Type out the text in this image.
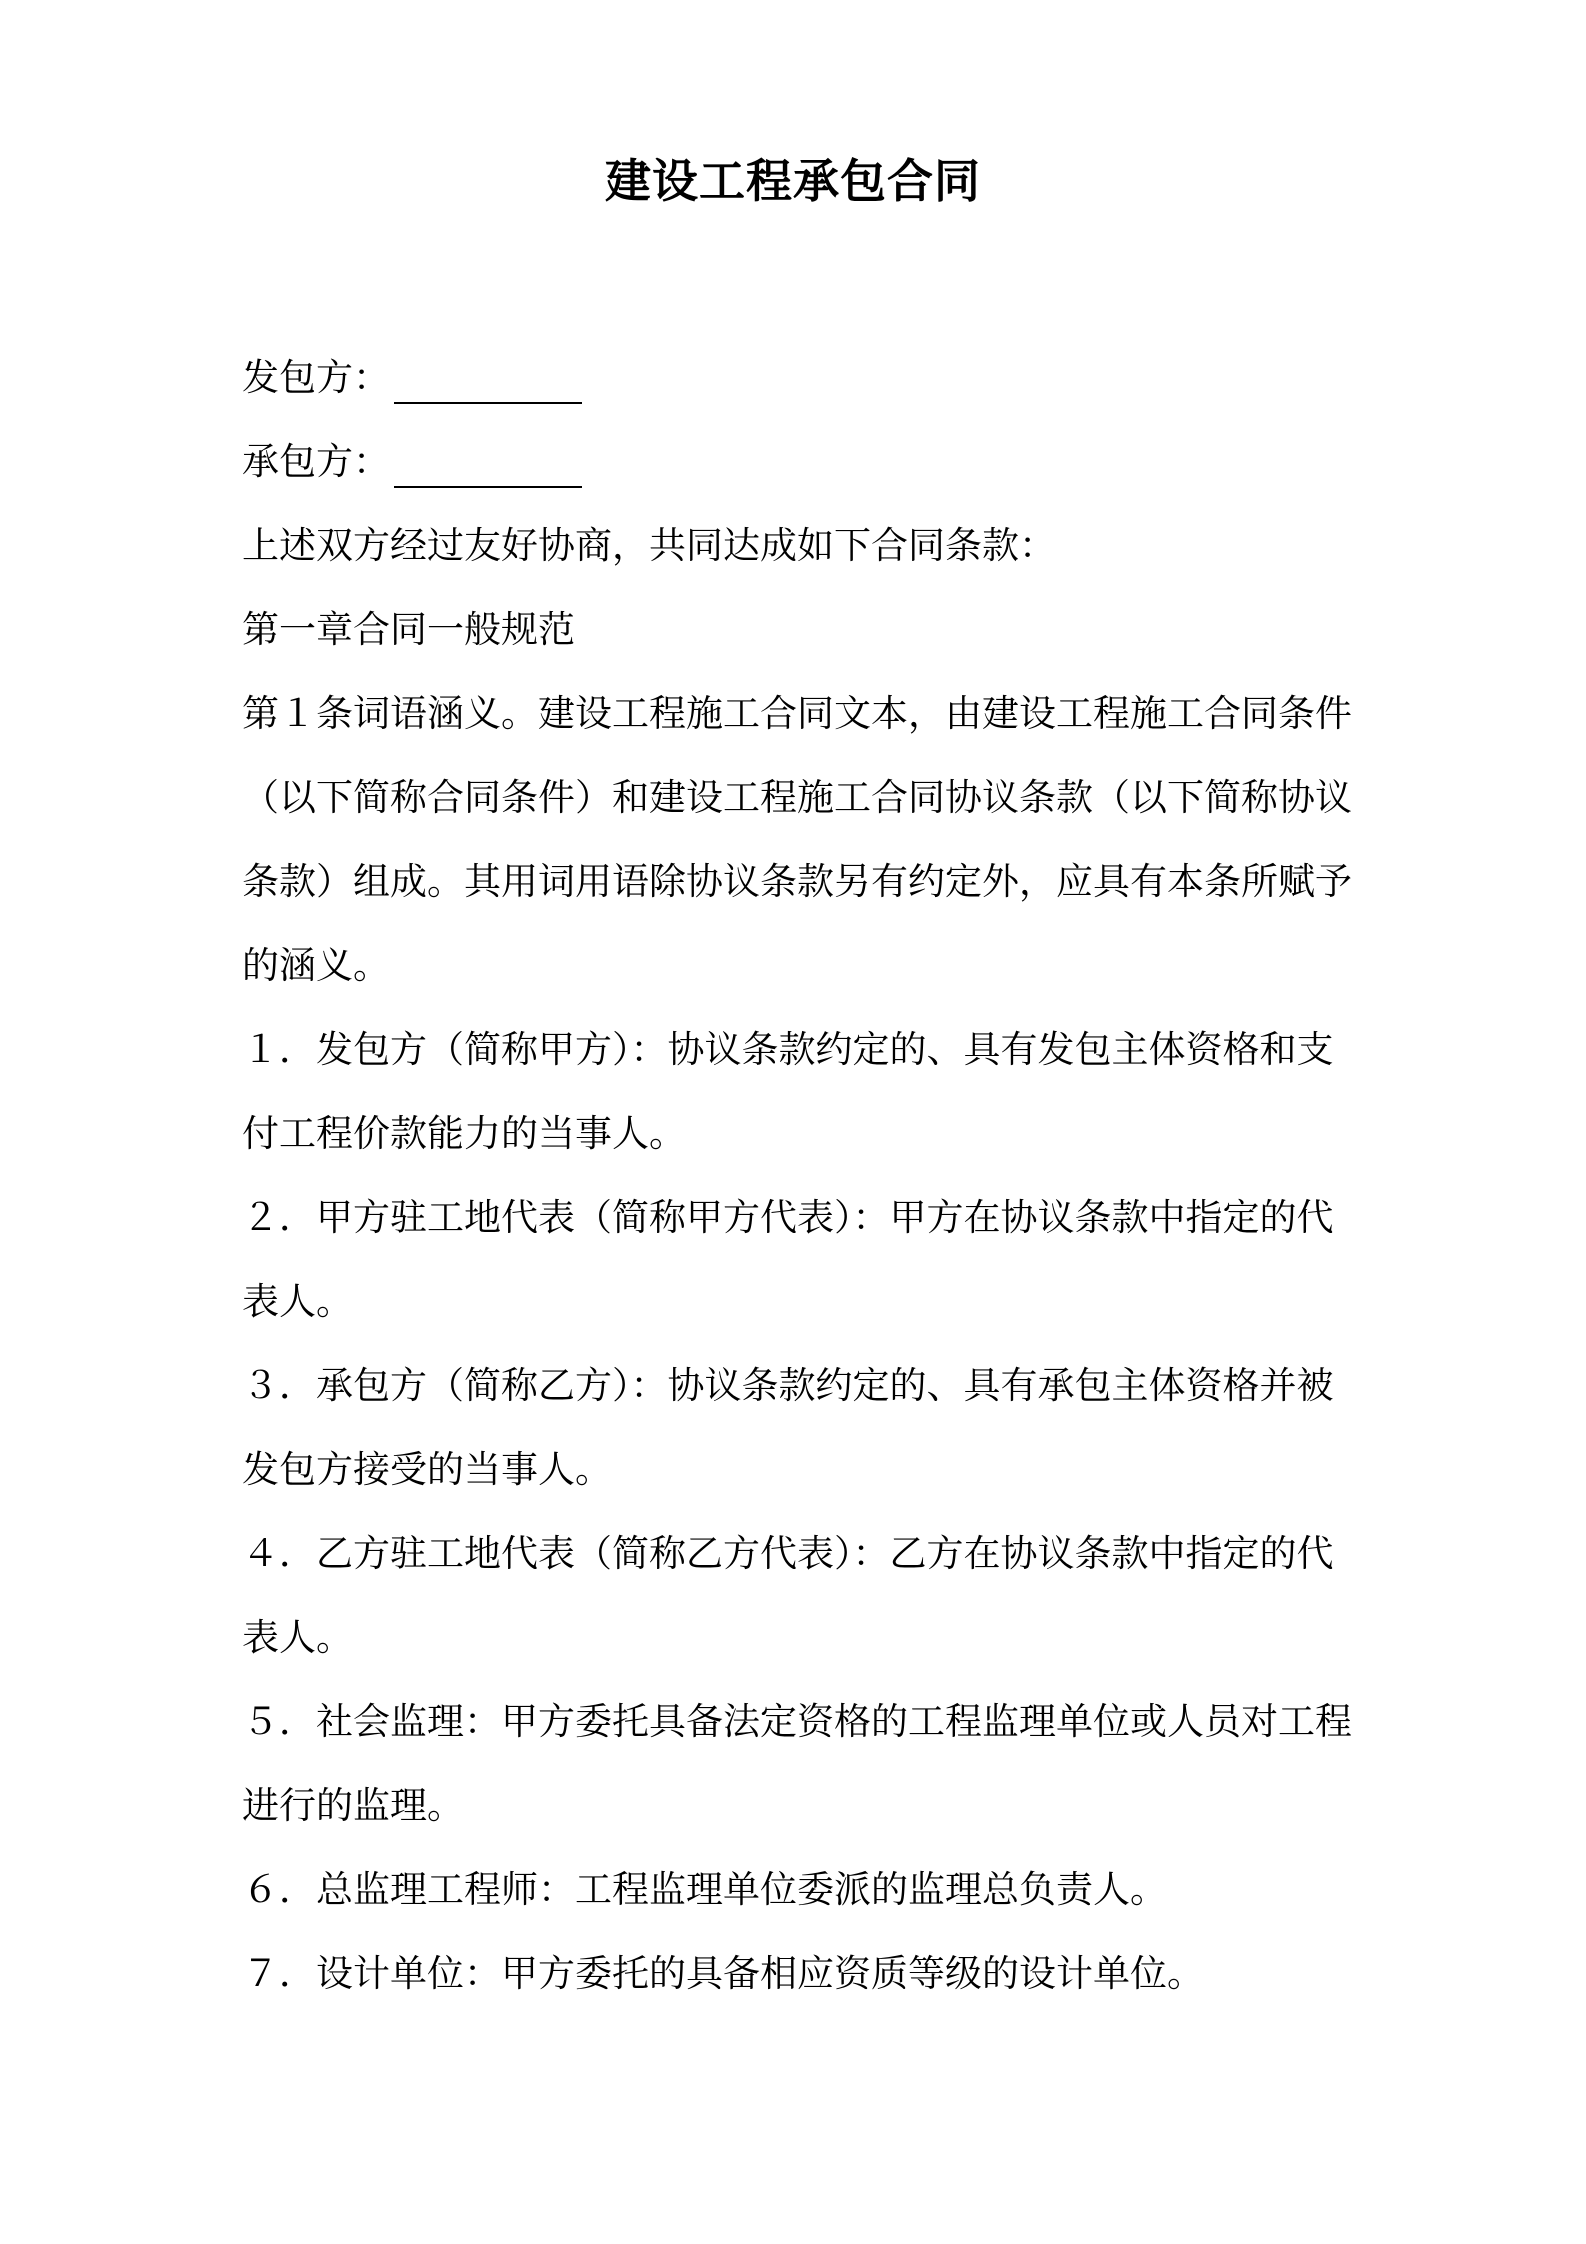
建设工程承包合同

发包方：

承包方：

上述双方经过友好协商，共同达成如下合同条款：

第一章合同一般规范

第１条词语涵义。建设工程施工合同文本，由建设工程施工合同条件

（以下简称合同条件）和建设工程施工合同协议条款（以下简称协议

条款）组成。其用词用语除协议条款另有约定外，应具有本条所赋予

的涵义。

１．发包方（简称甲方）：协议条款约定的、具有发包主体资格和支

付工程价款能力的当事人。

２．甲方驻工地代表（简称甲方代表）：甲方在协议条款中指定的代

表人。

３．承包方（简称乙方）：协议条款约定的、具有承包主体资格并被

发包方接受的当事人。

４．乙方驻工地代表（简称乙方代表）：乙方在协议条款中指定的代

表人。

５．社会监理：甲方委托具备法定资格的工程监理单位或人员对工程

进行的监理。

６．总监理工程师：工程监理单位委派的监理总负责人。

７．设计单位：甲方委托的具备相应资质等级的设计单位。
